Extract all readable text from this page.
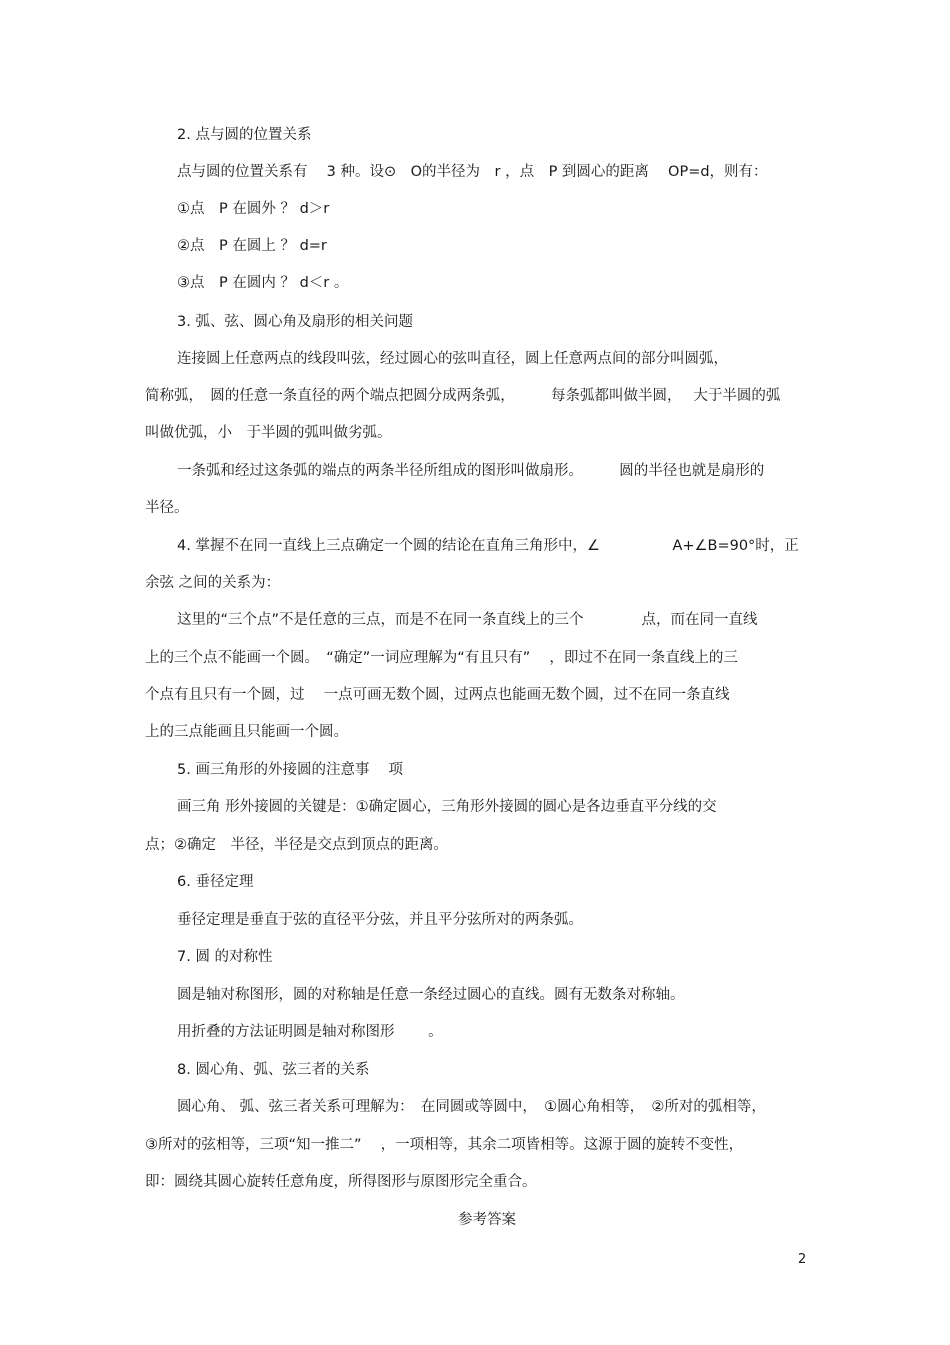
2. 点与圆的位置关系
点与圆的位置关系有　 3 种。设⊙　O的半径为　r ，点　P 到圆心的距离　 OP=d，则有：
①点　P 在圆外 ？ d＞r
②点　P 在圆上 ？ d=r
③点　P 在圆内 ？ d＜r 。
3. 弧、弦、圆心角及扇形的相关问题
连接圆上任意两点的线段叫弦，经过圆心的弦叫直径，圆上任意两点间的部分叫圆弧，
简称弧，　圆的任意一条直径的两个端点把圆分成两条弧，　　　每条弧都叫做半圆，　 大于半圆的弧
叫做优弧，小　于半圆的弧叫做劣弧。
一条弧和经过这条弧的端点的两条半径所组成的图形叫做扇形。　　　圆的半径也就是扇形的
半径。
4. 掌握不在同一直线上三点确定一个圆的结论在直角三角形中，∠　　　　　A+∠B=90°时，正
余弦 之间的关系为：
这里的“三个点”不是任意的三点，而是不在同一条直线上的三个　　　　点，而在同一直线
上的三个点不能画一个圆。　“确定”一词应理解为“有且只有”　 ，即过不在同一条直线上的三
个点有且只有一个圆，过　 一点可画无数个圆，过两点也能画无数个圆，过不在同一条直线
上的三点能画且只能画一个圆。
5. 画三角形的外接圆的注意事　 项
画三角 形外接圆的关键是：①确定圆心，三角形外接圆的圆心是各边垂直平分线的交
点；②确定　半径，半径是交点到顶点的距离。
6. 垂径定理
垂径定理是垂直于弦的直径平分弦，并且平分弦所对的两条弧。
7. 圆 的对称性
圆是轴对称图形，圆的对称轴是任意一条经过圆心的直线。圆有无数条对称轴。
用折叠的方法证明圆是轴对称图形　　 。
8. 圆心角、弧、弦三者的关系
圆心角、 弧、弦三者关系可理解为：　在同圆或等圆中，　①圆心角相等，　②所对的弧相等，
③所对的弦相等，三项“知一推二”　 ，一项相等，其余二项皆相等。这源于圆的旋转不变性，
即：圆绕其圆心旋转任意角度，所得图形与原图形完全重合。
参考答案
2
